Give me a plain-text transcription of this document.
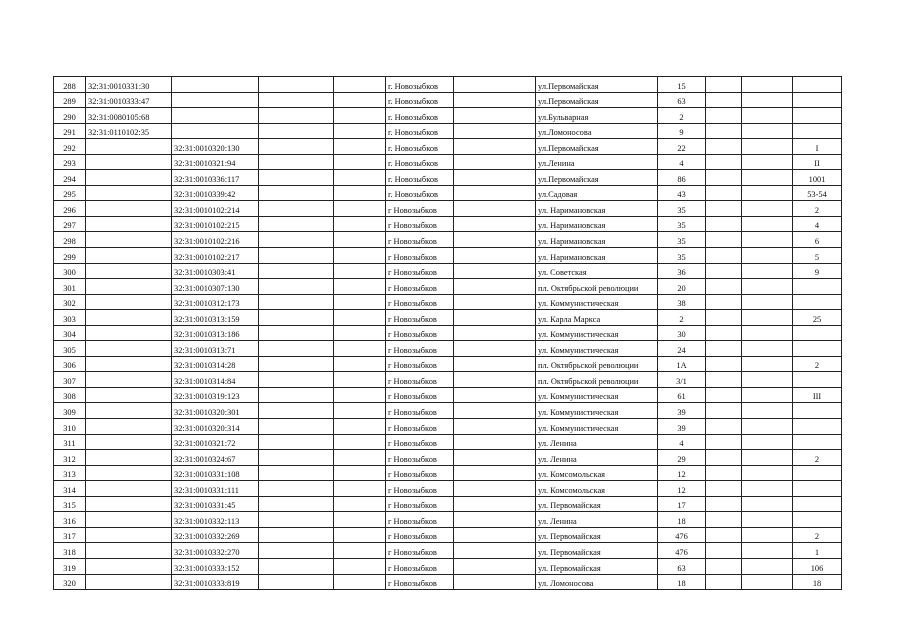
288	32:31:0010331:30				г. Новозыбков		ул.Первомайская	15			
289	32:31:0010333:47				г. Новозыбков		ул.Первомайская	63			
290	32:31:0080105:68				г. Новозыбков		ул.Бульварная	2			
291	32:31:0110102:35				г. Новозыбков		ул.Ломоносова	9			
292		32:31:0010320:130			г. Новозыбков		ул.Первомайская	22			I
293		32:31:0010321:94			г. Новозыбков		ул.Ленина	4			II
294		32:31:0010336:117			г. Новозыбков		ул.Первомайская	86			1001
295		32:31:0010339:42			г. Новозыбков		ул.Садовая	43			53-54
296		32:31:0010102:214			г Новозыбков		ул. Наримановская	35			2
297		32:31:0010102:215			г Новозыбков		ул. Наримановская	35			4
298		32:31:0010102:216			г Новозыбков		ул. Наримановская	35			6
299		32:31:0010102:217			г Новозыбков		ул. Наримановская	35			5
300		32:31:0010303:41			г Новозыбков		ул. Советская	36			9
301		32:31:0010307:130			г Новозыбков		пл. Октябрьской революции	20			
302		32:31:0010312:173			г Новозыбков		ул. Коммунистическая	38			
303		32:31:0010313:159			г Новозыбков		ул. Карла Маркса	2			25
304		32:31:0010313:186			г Новозыбков		ул. Коммунистическая	30			
305		32:31:0010313:71			г Новозыбков		ул. Коммунистическая	24			
306		32:31:0010314:28			г Новозыбков		пл. Октябрьской революции	1А			2
307		32:31:0010314:84			г Новозыбков		пл. Октябрьской революции	3/1			
308		32:31:0010319:123			г Новозыбков		ул. Коммунистическая	61			III
309		32:31:0010320:301			г Новозыбков		ул. Коммунистическая	39			
310		32:31:0010320:314			г Новозыбков		ул. Коммунистическая	39			
311		32:31:0010321:72			г Новозыбков		ул. Ленина	4			
312		32:31:0010324:67			г Новозыбков		ул. Ленина	29			2
313		32:31:0010331:108			г Новозыбков		ул. Комсомольская	12			
314		32:31:0010331:111			г Новозыбков		ул. Комсомольская	12			
315		32:31:0010331:45			г Новозыбков		ул. Первомайская	17			
316		32:31:0010332:113			г Новозыбков		ул. Ленина	18			
317		32:31:0010332:269			г Новозыбков		ул. Первомайская	476			2
318		32:31:0010332:270			г Новозыбков		ул. Первомайская	476			1
319		32:31:0010333:152			г Новозыбков		ул. Первомайская	63			106
320		32:31:0010333:819			г Новозыбков		ул. Ломоносова	18			18
